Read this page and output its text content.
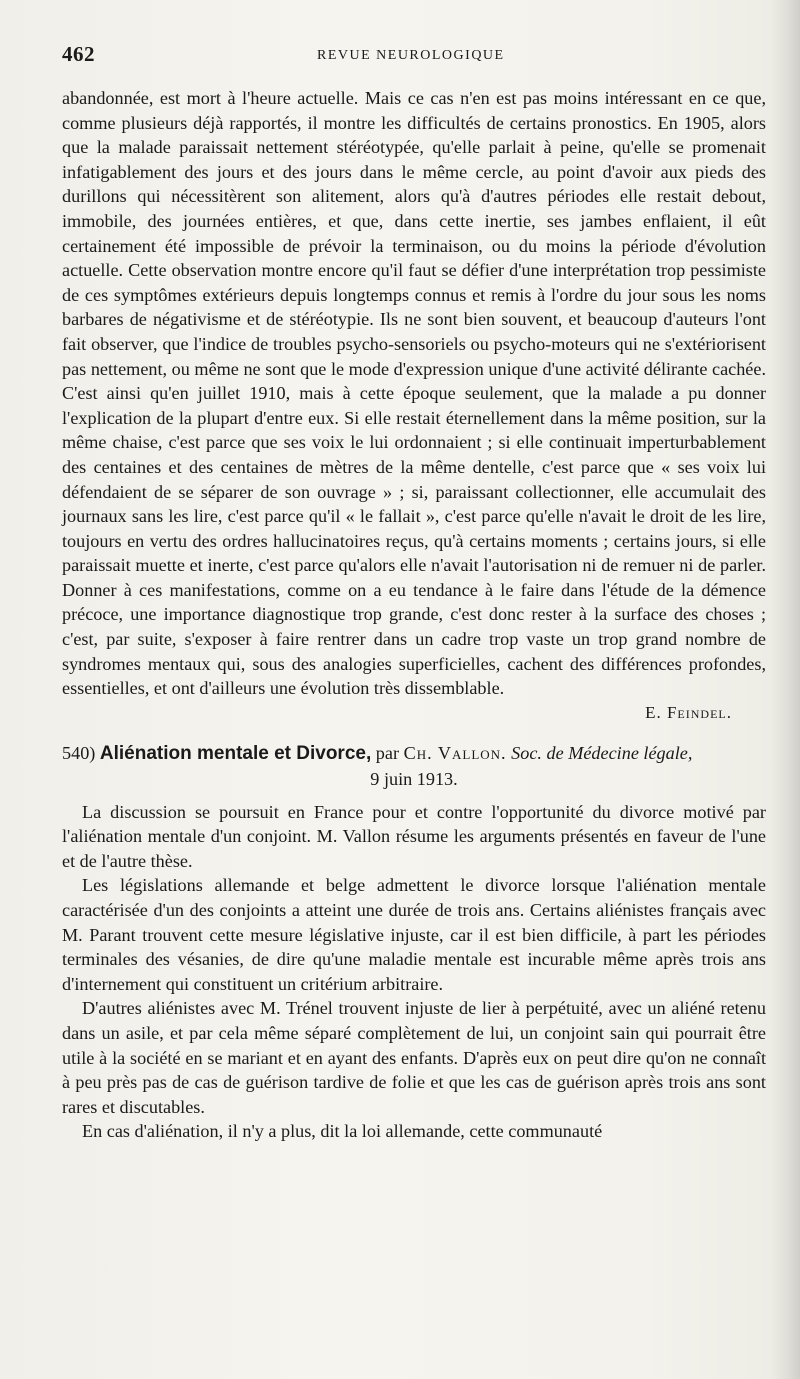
462	REVUE NEUROLOGIQUE

abandonnée, est mort à l'heure actuelle. Mais ce cas n'en est pas moins intéressant en ce que, comme plusieurs déjà rapportés, il montre les difficultés de certains pronostics. En 1905, alors que la malade paraissait nettement stéréotypée, qu'elle parlait à peine, qu'elle se promenait infatigablement des jours et des jours dans le même cercle, au point d'avoir aux pieds des durillons qui nécessitèrent son alitement, alors qu'à d'autres périodes elle restait debout, immobile, des journées entières, et que, dans cette inertie, ses jambes enflaient, il eût certainement été impossible de prévoir la terminaison, ou du moins la période d'évolution actuelle. Cette observation montre encore qu'il faut se défier d'une interprétation trop pessimiste de ces symptômes extérieurs depuis longtemps connus et remis à l'ordre du jour sous les noms barbares de négativisme et de stéréotypie. Ils ne sont bien souvent, et beaucoup d'auteurs l'ont fait observer, que l'indice de troubles psycho-sensoriels ou psycho-moteurs qui ne s'extériorisent pas nettement, ou même ne sont que le mode d'expression unique d'une activité délirante cachée. C'est ainsi qu'en juillet 1910, mais à cette époque seulement, que la malade a pu donner l'explication de la plupart d'entre eux. Si elle restait éternellement dans la même position, sur la même chaise, c'est parce que ses voix le lui ordonnaient ; si elle continuait imperturbablement des centaines et des centaines de mètres de la même dentelle, c'est parce que « ses voix lui défendaient de se séparer de son ouvrage » ; si, paraissant collectionner, elle accumulait des journaux sans les lire, c'est parce qu'il « le fallait », c'est parce qu'elle n'avait le droit de les lire, toujours en vertu des ordres hallucinatoires reçus, qu'à certains moments ; certains jours, si elle paraissait muette et inerte, c'est parce qu'alors elle n'avait l'autorisation ni de remuer ni de parler. Donner à ces manifestations, comme on a eu tendance à le faire dans l'étude de la démence précoce, une importance diagnostique trop grande, c'est donc rester à la surface des choses ; c'est, par suite, s'exposer à faire rentrer dans un cadre trop vaste un trop grand nombre de syndromes mentaux qui, sous des analogies superficielles, cachent des différences profondes, essentielles, et ont d'ailleurs une évolution très dissemblable.

E. Feindel.

540) Aliénation mentale et Divorce, par Ch. Vallon. Soc. de Médecine légale,

9 juin 1913.

La discussion se poursuit en France pour et contre l'opportunité du divorce motivé par l'aliénation mentale d'un conjoint. M. Vallon résume les arguments présentés en faveur de l'une et de l'autre thèse.

Les législations allemande et belge admettent le divorce lorsque l'aliénation mentale caractérisée d'un des conjoints a atteint une durée de trois ans. Certains aliénistes français avec M. Parant trouvent cette mesure législative injuste, car il est bien difficile, à part les périodes terminales des vésanies, de dire qu'une maladie mentale est incurable même après trois ans d'internement qui constituent un critérium arbitraire.

D'autres aliénistes avec M. Trénel trouvent injuste de lier à perpétuité, avec un aliéné retenu dans un asile, et par cela même séparé complètement de lui, un conjoint sain qui pourrait être utile à la société en se mariant et en ayant des enfants. D'après eux on peut dire qu'on ne connaît à peu près pas de cas de guérison tardive de folie et que les cas de guérison après trois ans sont rares et discutables.

En cas d'aliénation, il n'y a plus, dit la loi allemande, cette communauté
